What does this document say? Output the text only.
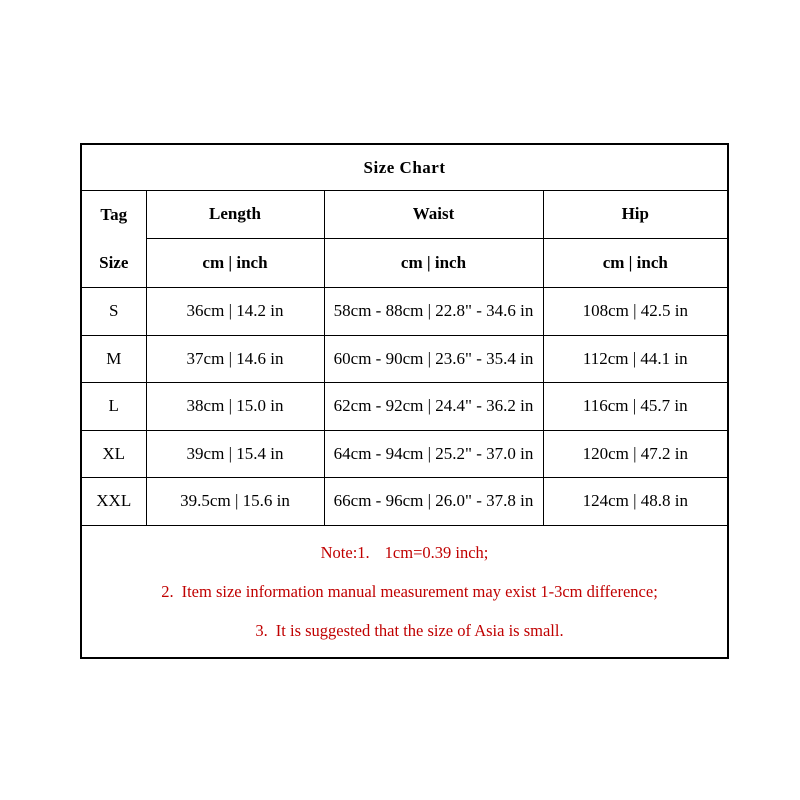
Size Chart			

Tag
Size	Length	Waist	Hip
	cm | inch	cm | inch	cm | inch
S	36cm | 14.2 in	58cm - 88cm | 22.8" - 34.6 in	108cm | 42.5 in
M	37cm | 14.6 in	60cm - 90cm | 23.6" - 35.4 in	112cm | 44.1 in
L	38cm | 15.0 in	62cm - 92cm | 24.4" - 36.2 in	116cm | 45.7 in
XL	39cm | 15.4 in	64cm - 94cm | 25.2" - 37.0 in	120cm | 47.2 in
XXL	39.5cm | 15.6 in	66cm - 96cm | 26.0" - 37.8 in	124cm | 48.8 in

Note:1. 1cm=0.39 inch;
2. Item size information manual measurement may exist 1-3cm difference;
3. It is suggested that the size of Asia is small.			
